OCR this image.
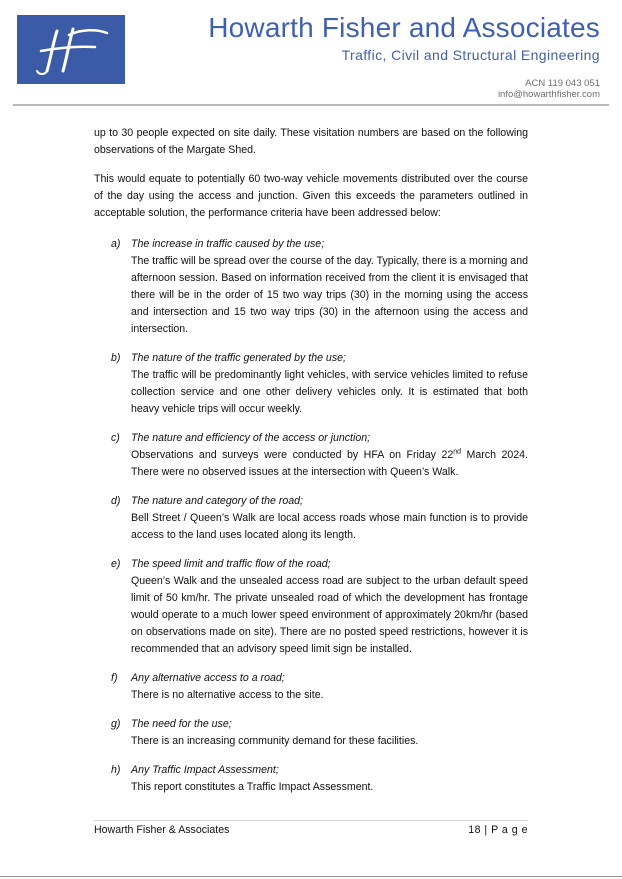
Howarth Fisher and Associates
Traffic, Civil and Structural Engineering
ACN 119 043 051
info@howarthfisher.com
up to 30 people expected on site daily. These visitation numbers are based on the following observations of the Margate Shed.
This would equate to potentially 60 two-way vehicle movements distributed over the course of the day using the access and junction. Given this exceeds the parameters outlined in acceptable solution, the performance criteria have been addressed below:
a) The increase in traffic caused by the use;
The traffic will be spread over the course of the day. Typically, there is a morning and afternoon session. Based on information received from the client it is envisaged that there will be in the order of 15 two way trips (30) in the morning using the access and intersection and 15 two way trips (30) in the afternoon using the access and intersection.
b) The nature of the traffic generated by the use;
The traffic will be predominantly light vehicles, with service vehicles limited to refuse collection service and one other delivery vehicles only. It is estimated that both heavy vehicle trips will occur weekly.
c) The nature and efficiency of the access or junction;
Observations and surveys were conducted by HFA on Friday 22nd March 2024. There were no observed issues at the intersection with Queen’s Walk.
d) The nature and category of the road;
Bell Street / Queen’s Walk are local access roads whose main function is to provide access to the land uses located along its length.
e) The speed limit and traffic flow of the road;
Queen’s Walk and the unsealed access road are subject to the urban default speed limit of 50 km/hr. The private unsealed road of which the development has frontage would operate to a much lower speed environment of approximately 20km/hr (based on observations made on site). There are no posted speed restrictions, however it is recommended that an advisory speed limit sign be installed.
f) Any alternative access to a road;
There is no alternative access to the site.
g) The need for the use;
There is an increasing community demand for these facilities.
h) Any Traffic Impact Assessment;
This report constitutes a Traffic Impact Assessment.
Howarth Fisher & Associates	18 | P a g e
